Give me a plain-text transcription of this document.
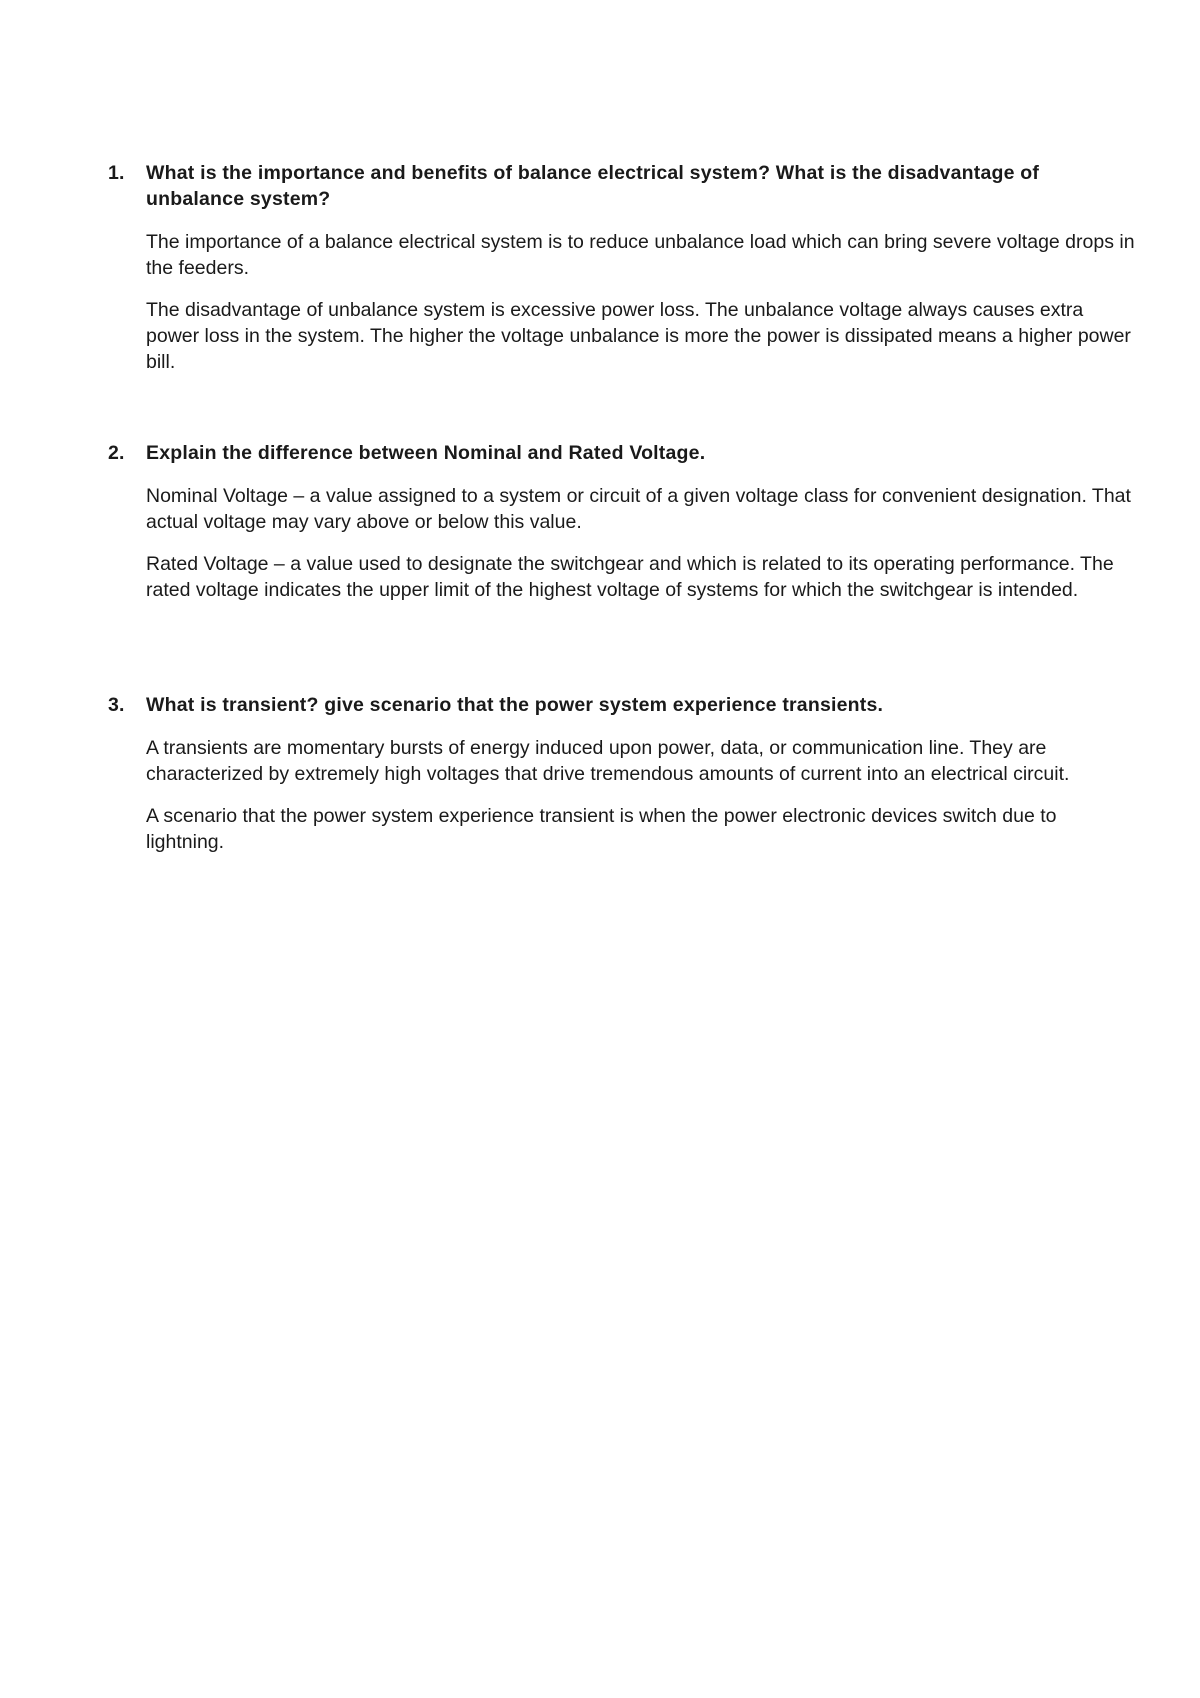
1.	What is the importance and benefits of balance electrical system? What is the disadvantage of unbalance system?

The importance of a balance electrical system is to reduce unbalance load which can bring severe voltage drops in the feeders.

The disadvantage of unbalance system is excessive power loss. The unbalance voltage always causes extra power loss in the system. The higher the voltage unbalance is more the power is dissipated means a higher power bill.

2.	Explain the difference between Nominal and Rated Voltage.

Nominal Voltage – a value assigned to a system or circuit of a given voltage class for convenient designation. That actual voltage may vary above or below this value.

Rated Voltage – a value used to designate the switchgear and which is related to its operating performance. The rated voltage indicates the upper limit of the highest voltage of systems for which the switchgear is intended.

3.	What is transient? give scenario that the power system experience transients.

A transients are momentary bursts of energy induced upon power, data, or communication line. They are characterized by extremely high voltages that drive tremendous amounts of current into an electrical circuit.

A scenario that the power system experience transient is when the power electronic devices switch due to lightning.
